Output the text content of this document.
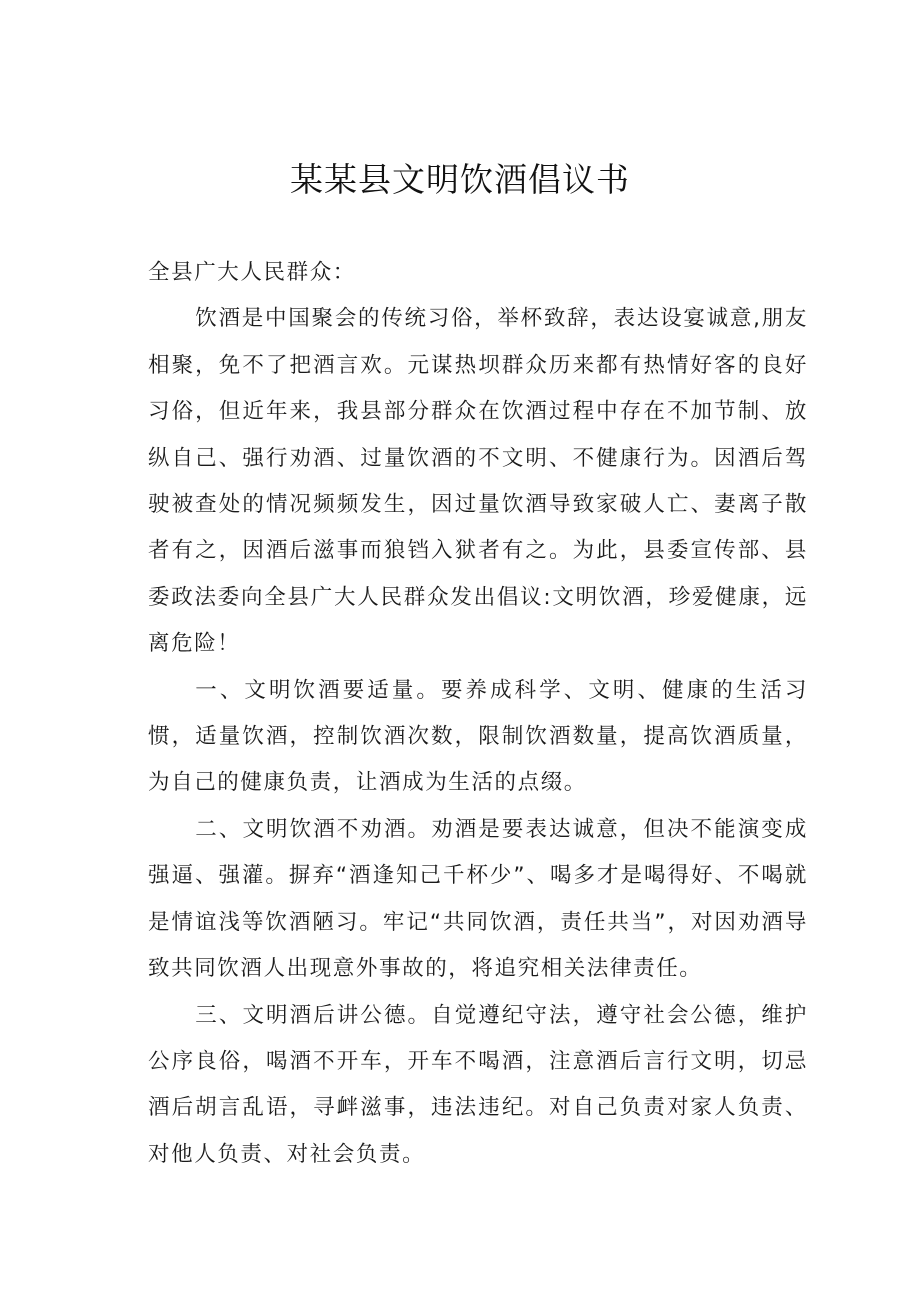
某某县文明饮酒倡议书

全县广大人民群众：

饮酒是中国聚会的传统习俗，举杯致辞，表达设宴诚意,朋友相聚，免不了把酒言欢。元谋热坝群众历来都有热情好客的良好习俗，但近年来，我县部分群众在饮酒过程中存在不加节制、放纵自己、强行劝酒、过量饮酒的不文明、不健康行为。因酒后驾驶被查处的情况频频发生，因过量饮酒导致家破人亡、妻离子散者有之，因酒后滋事而狼铛入狱者有之。为此，县委宣传部、县委政法委向全县广大人民群众发出倡议:文明饮酒，珍爱健康，远离危险！

一、文明饮酒要适量。要养成科学、文明、健康的生活习惯，适量饮酒，控制饮酒次数，限制饮酒数量，提高饮酒质量，为自己的健康负责，让酒成为生活的点缀。

二、文明饮酒不劝酒。劝酒是要表达诚意，但决不能演变成强逼、强灌。摒弃“酒逢知己千杯少”、喝多才是喝得好、不喝就是情谊浅等饮酒陋习。牢记“共同饮酒，责任共当”，对因劝酒导致共同饮酒人出现意外事故的，将追究相关法律责任。

三、文明酒后讲公德。自觉遵纪守法，遵守社会公德，维护公序良俗，喝酒不开车，开车不喝酒，注意酒后言行文明，切忌酒后胡言乱语，寻衅滋事，违法违纪。对自己负责对家人负责、对他人负责、对社会负责。
